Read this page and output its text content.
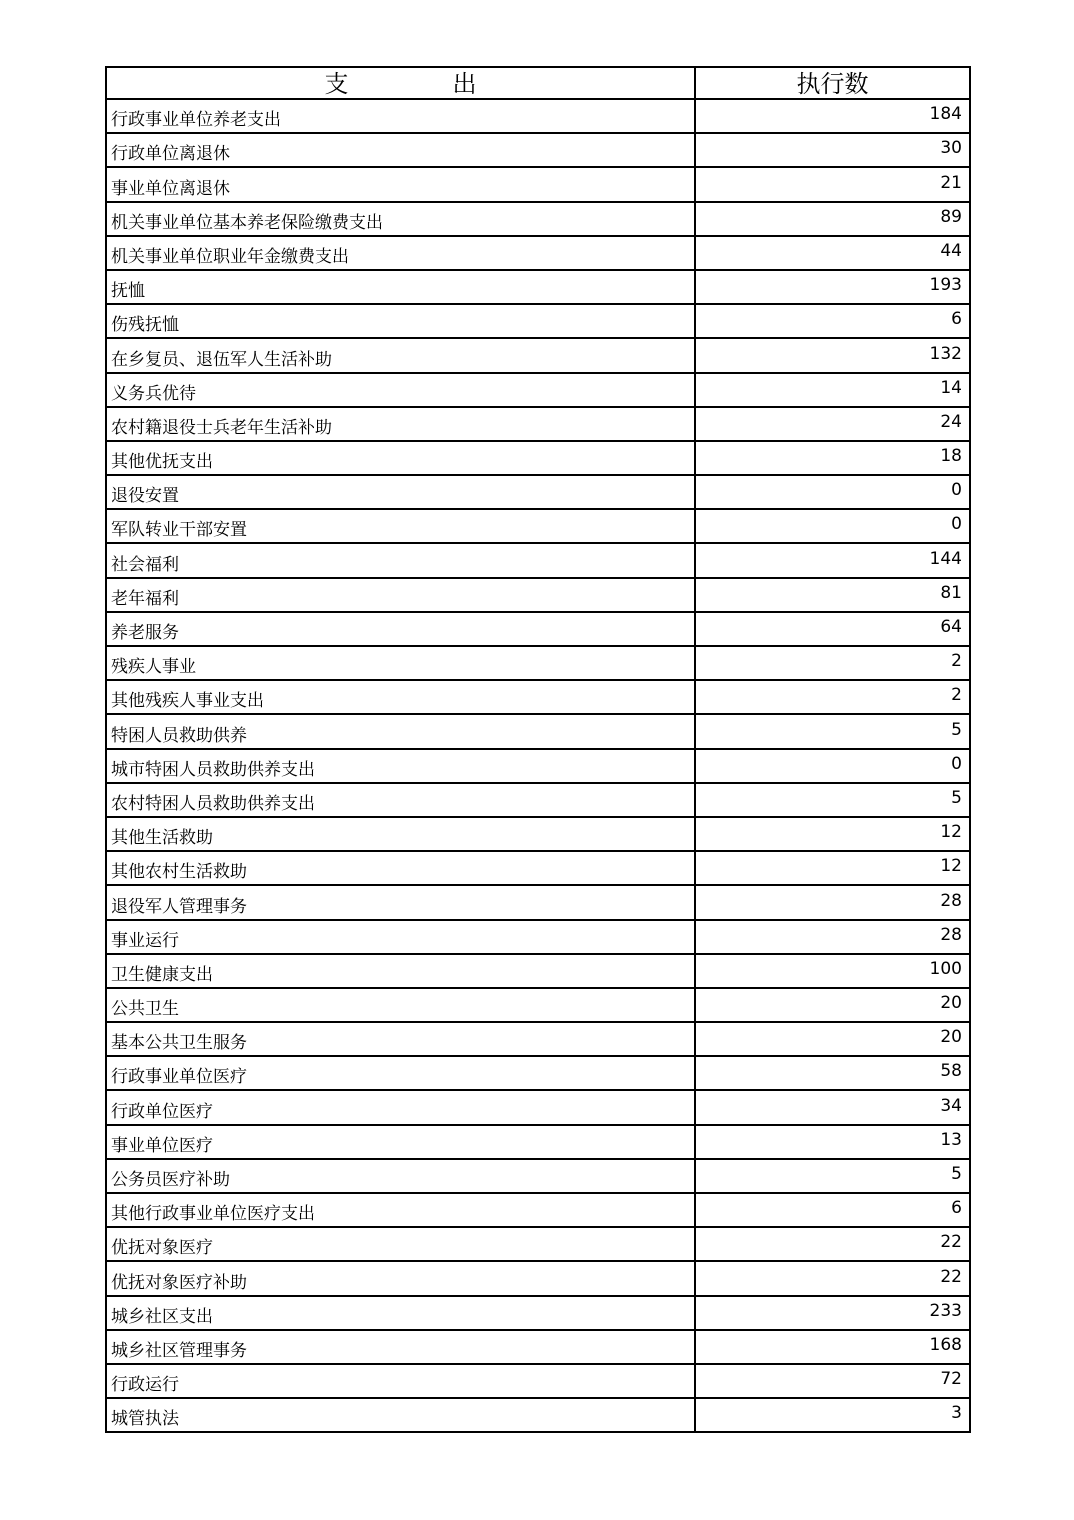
支出	执行数
行政事业单位养老支出	184
行政单位离退休	30
事业单位离退休	21
机关事业单位基本养老保险缴费支出	89
机关事业单位职业年金缴费支出	44
抚恤	193
伤残抚恤	6
在乡复员、退伍军人生活补助	132
义务兵优待	14
农村籍退役士兵老年生活补助	24
其他优抚支出	18
退役安置	0
军队转业干部安置	0
社会福利	144
老年福利	81
养老服务	64
残疾人事业	2
其他残疾人事业支出	2
特困人员救助供养	5
城市特困人员救助供养支出	0
农村特困人员救助供养支出	5
其他生活救助	12
其他农村生活救助	12
退役军人管理事务	28
事业运行	28
卫生健康支出	100
公共卫生	20
基本公共卫生服务	20
行政事业单位医疗	58
行政单位医疗	34
事业单位医疗	13
公务员医疗补助	5
其他行政事业单位医疗支出	6
优抚对象医疗	22
优抚对象医疗补助	22
城乡社区支出	233
城乡社区管理事务	168
行政运行	72
城管执法	3
